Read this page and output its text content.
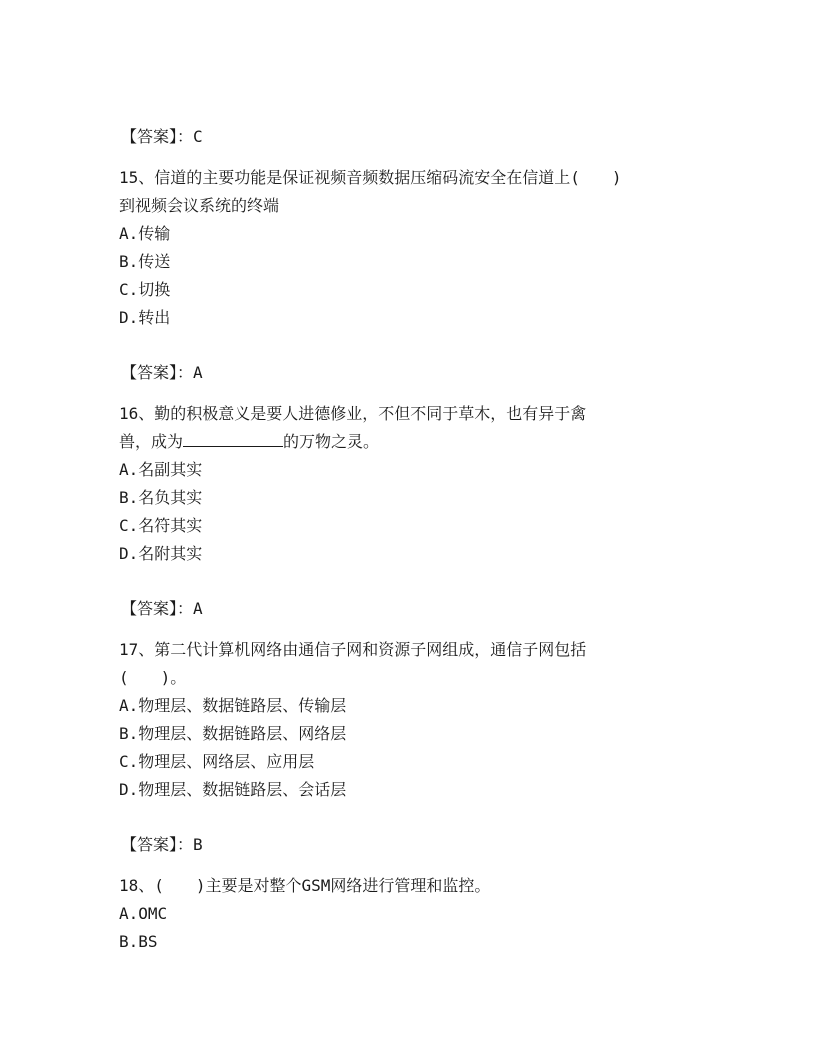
【答案】：C
15、信道的主要功能是保证视频音频数据压缩码流安全在信道上(　　)
到视频会议系统的终端
A.传输
B.传送
C.切换
D.转出
【答案】：A
16、勤的积极意义是要人进德修业，不但不同于草木，也有异于禽
兽，成为	的万物之灵。
A.名副其实
B.名负其实
C.名符其实
D.名附其实
【答案】：A
17、第二代计算机网络由通信子网和资源子网组成，通信子网包括
(　　)。
A.物理层、数据链路层、传输层
B.物理层、数据链路层、网络层
C.物理层、网络层、应用层
D.物理层、数据链路层、会话层
【答案】：B
18、(　　)主要是对整个GSM网络进行管理和监控。
A.OMC
B.BS
